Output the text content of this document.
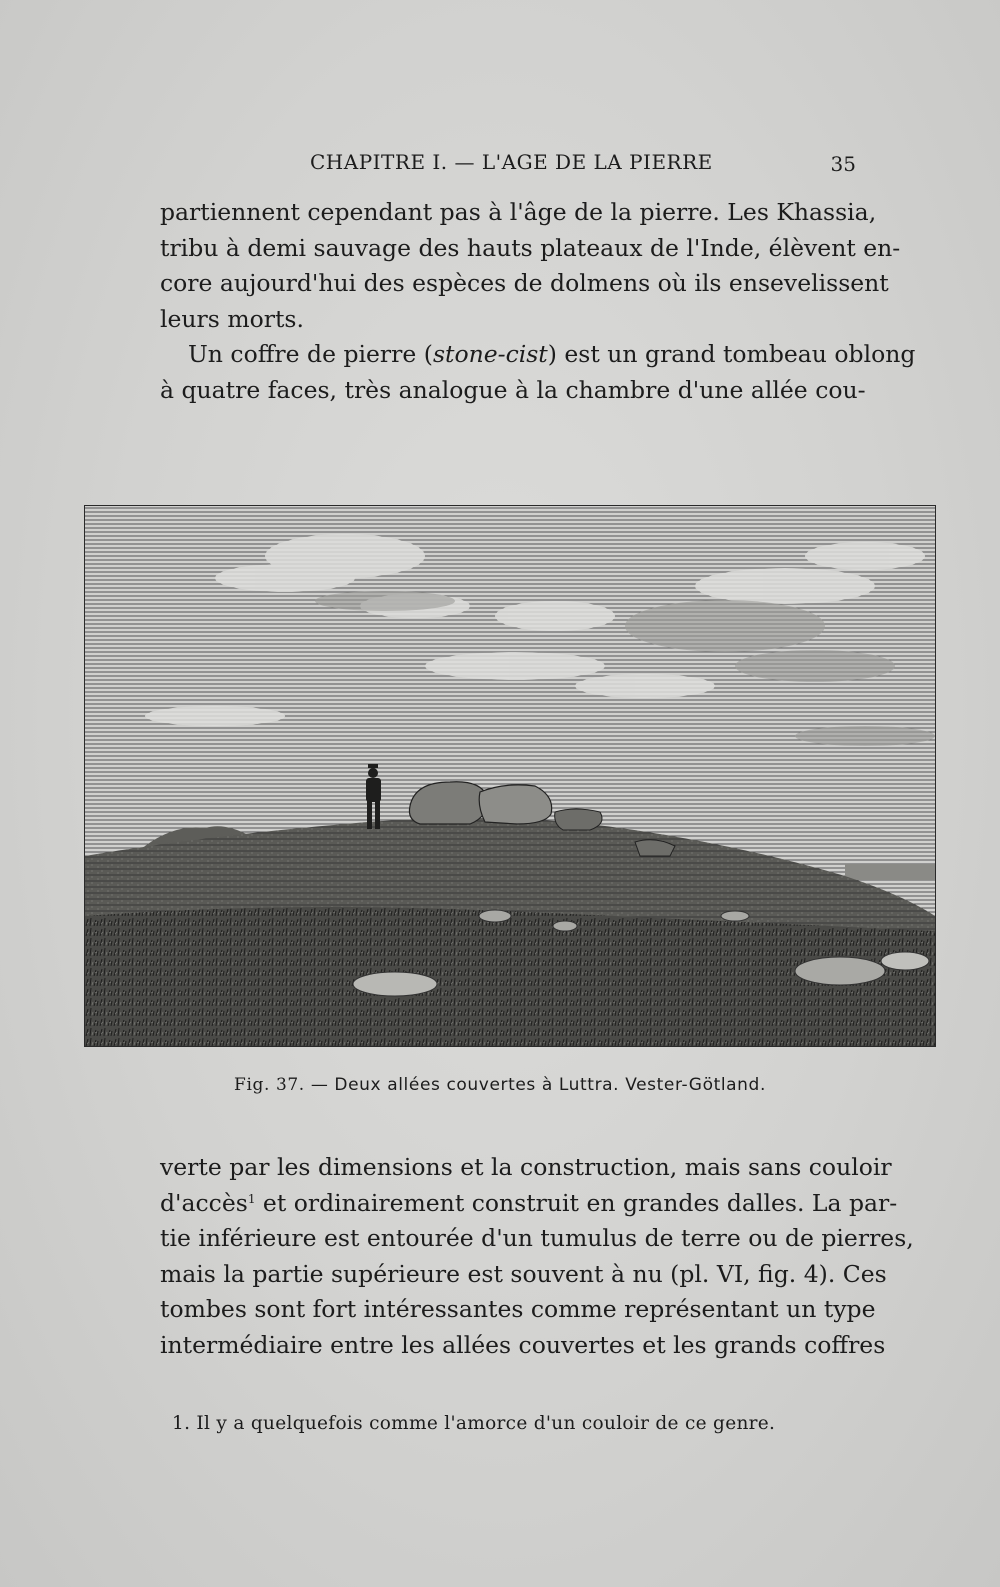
CHAPITRE I. — L'AGE DE LA PIERRE	35
partiennent cependant pas à l'âge de la pierre. Les Khassia,
tribu à demi sauvage des hauts plateaux de l'Inde, élèvent en-
core aujourd'hui des espèces de dolmens où ils ensevelissent
leurs morts.
Un coffre de pierre (stone-cist) est un grand tombeau oblong
à quatre faces, très analogue à la chambre d'une allée cou-
Fig. 37. — Deux allées couvertes à Luttra. Vester-Götland.
verte par les dimensions et la construction, mais sans couloir
d'accès$^1$ et ordinairement construit en grandes dalles. La par-
tie inférieure est entourée d'un tumulus de terre ou de pierres,
mais la partie supérieure est souvent à nu (pl. VI, fig. 4). Ces
tombes sont fort intéressantes comme représentant un type
intermédiaire entre les allées couvertes et les grands coffres
1. Il y a quelquefois comme l'amorce d'un couloir de ce genre.
